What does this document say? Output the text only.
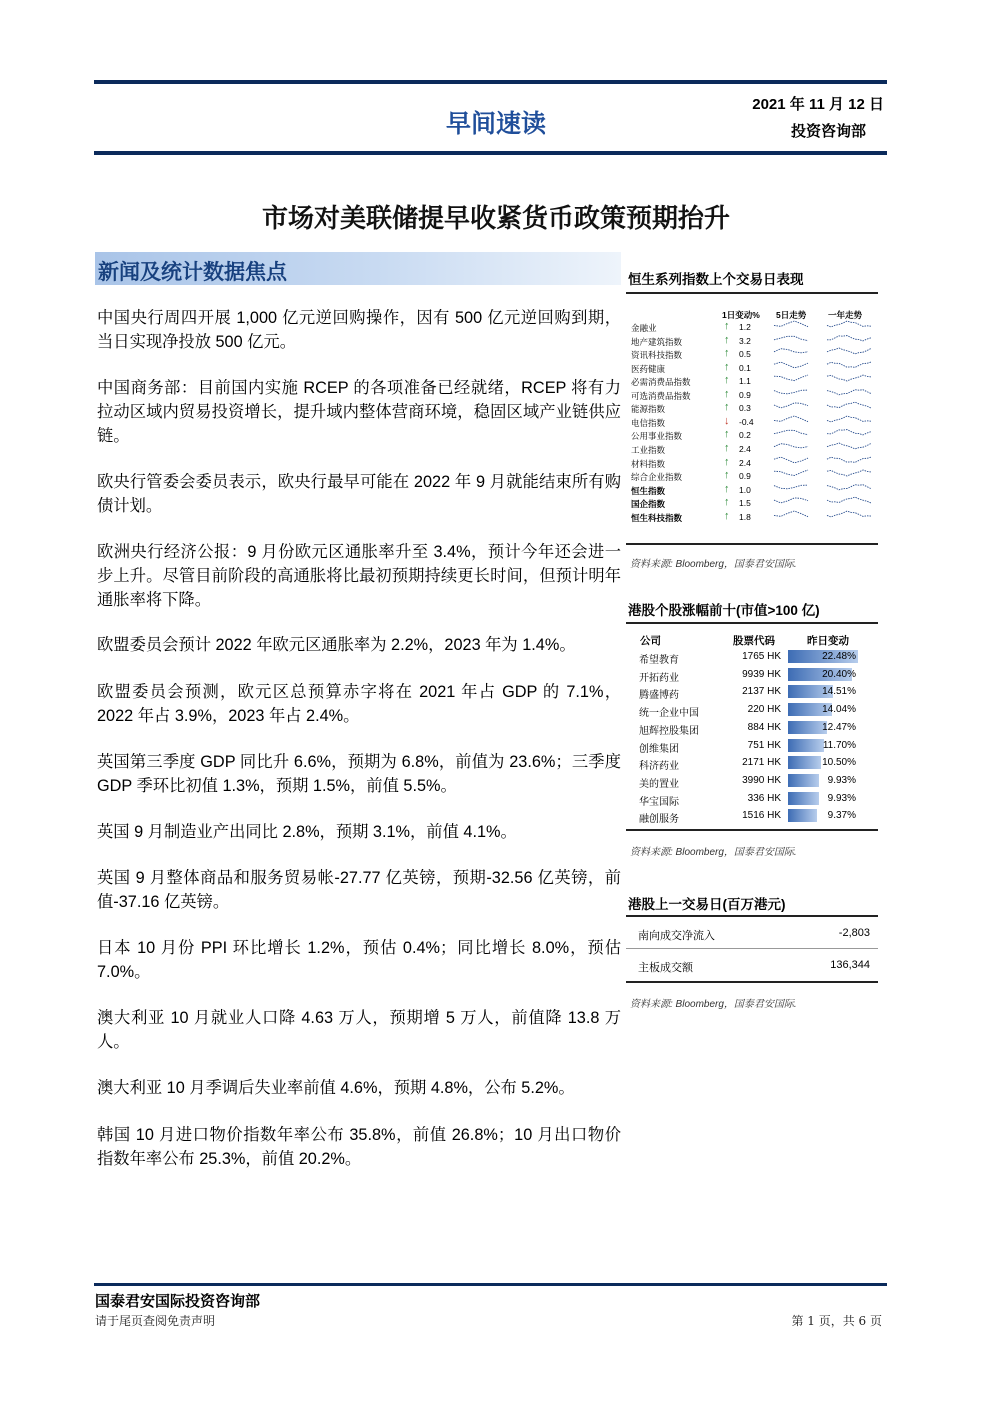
早间速读
2021 年 11 月 12 日
投资咨询部
市场对美联储提早收紧货币政策预期抬升
新闻及统计数据焦点
中国央行周四开展 1,000 亿元逆回购操作，因有 500 亿元逆回购到期，当日实现净投放 500 亿元。
中国商务部：目前国内实施 RCEP 的各项准备已经就绪，RCEP 将有力拉动区域内贸易投资增长，提升域内整体营商环境，稳固区域产业链供应链。
欧央行管委会委员表示，欧央行最早可能在 2022 年 9 月就能结束所有购债计划。
欧洲央行经济公报：9 月份欧元区通胀率升至 3.4%，预计今年还会进一步上升。尽管目前阶段的高通胀将比最初预期持续更长时间，但预计明年通胀率将下降。
欧盟委员会预计 2022 年欧元区通胀率为 2.2%，2023 年为 1.4%。
欧盟委员会预测，欧元区总预算赤字将在 2021 年占 GDP 的 7.1%，2022 年占 3.9%，2023 年占 2.4%。
英国第三季度 GDP 同比升 6.6%，预期为 6.8%，前值为 23.6%；三季度 GDP 季环比初值 1.3%，预期 1.5%，前值 5.5%。
英国 9 月制造业产出同比 2.8%，预期 3.1%，前值 4.1%。
英国 9 月整体商品和服务贸易帐-27.77 亿英镑，预期-32.56 亿英镑，前值-37.16 亿英镑。
日本 10 月份 PPI 环比增长 1.2%，预估 0.4%；同比增长 8.0%，预估 7.0%。
澳大利亚 10 月就业人口降 4.63 万人，预期增 5 万人，前值降 13.8 万人。
澳大利亚 10 月季调后失业率前值 4.6%，预期 4.8%，公布 5.2%。
韩国 10 月进口物价指数年率公布 35.8%，前值 26.8%；10 月出口物价指数年率公布 25.3%，前值 20.2%。
恒生系列指数上个交易日表现
1日变动% 5日走势	一年走势
金融业	↑ 1.2
地产建筑指数	↑ 3.2
资讯科技指数	↑ 0.5
医药健康	↑ 0.1
必需消费品指数	↑ 1.1
可选消费品指数	↑ 0.9
能源指数	↑ 0.3
电信指数	↓ -0.4
公用事业指数	↑ 0.2
工业指数	↑ 2.4
材料指数	↑ 2.4
综合企业指数	↑ 0.9
恒生指数	↑ 1.0
国企指数	↑ 1.5
恒生科技指数	↑ 1.8
资料来源: Bloomberg，国泰君安国际.
港股个股涨幅前十(市值>100 亿)
公司	股票代码	昨日变动
希望教育	1765 HK	22.48%
开拓药业	9939 HK	20.40%
腾盛博药	2137 HK	14.51%
统一企业中国	220 HK	14.04%
旭辉控股集团	884 HK	12.47%
创维集团	751 HK	11.70%
科济药业	2171 HK	10.50%
美的置业	3990 HK	9.93%
华宝国际	336 HK	9.93%
融创服务	1516 HK	9.37%
资料来源: Bloomberg，国泰君安国际.
港股上一交易日(百万港元)
南向成交净流入	-2,803
主板成交额	136,344
资料来源: Bloomberg，国泰君安国际.
国泰君安国际投资咨询部
请于尾页查阅免责声明	第 1 页，共 6 页
